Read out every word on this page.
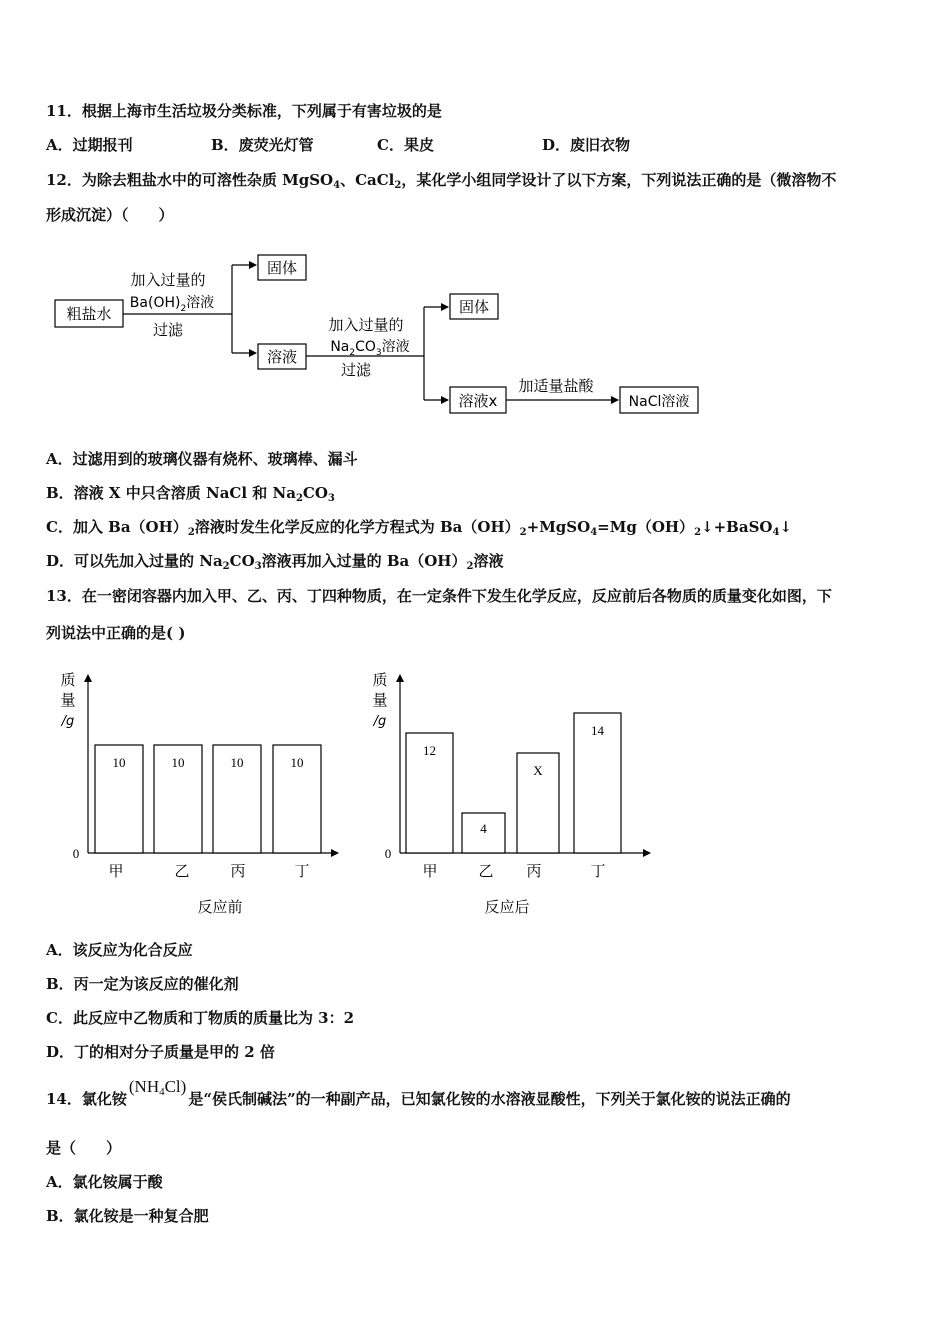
11．根据上海市生活垃圾分类标准，下列属于有害垃圾的是
A．过期报刊	B．废荧光灯管	C．果皮	D．废旧衣物
12．为除去粗盐水中的可溶性杂质 MgSO$_4$、CaCl$_2$，某化学小组同学设计了以下方案，下列说法正确的是（微溶物不
形成沉淀）（　　）
粗盐水
加入过量的
$Ba(OH)_2$溶液
过滤
固体
溶液
加入过量的
$Na_2CO_3$溶液
过滤
固体
溶液x
加适量盐酸
NaCl溶液
A．过滤用到的玻璃仪器有烧杯、玻璃棒、漏斗
B．溶液 X 中只含溶质 NaCl 和 $Na_2CO_3$
C．加入 $Ba(OH)_2$溶液时发生化学反应的化学方程式为 $Ba(OH)_2+MgSO_4=Mg(OH)_2↓+BaSO_4↓$
D．可以先加入过量的 $Na_2CO_3$溶液再加入过量的 $Ba(OH)_2$溶液
13．在一密闭容器内加入甲、乙、丙、丁四种物质，在一定条件下发生化学反应，反应前后各物质的质量变化如图，下
列说法中正确的是( )
质
量
/g
0
10
甲
10
乙
10
丙
10
丁
反应前
质
量
/g
0
12
甲
4
乙
X
丙
14
丁
反应后
A．该反应为化合反应
B．丙一定为该反应的催化剂
C．此反应中乙物质和丁物质的质量比为 3：2
D．丁的相对分子质量是甲的 2 倍
14．氯化铵$(NH_4Cl)$是“侯氏制碱法”的一种副产品，已知氯化铵的水溶液显酸性，下列关于氯化铵的说法正确的
是（　　）
A．氯化铵属于酸
B．氯化铵是一种复合肥
